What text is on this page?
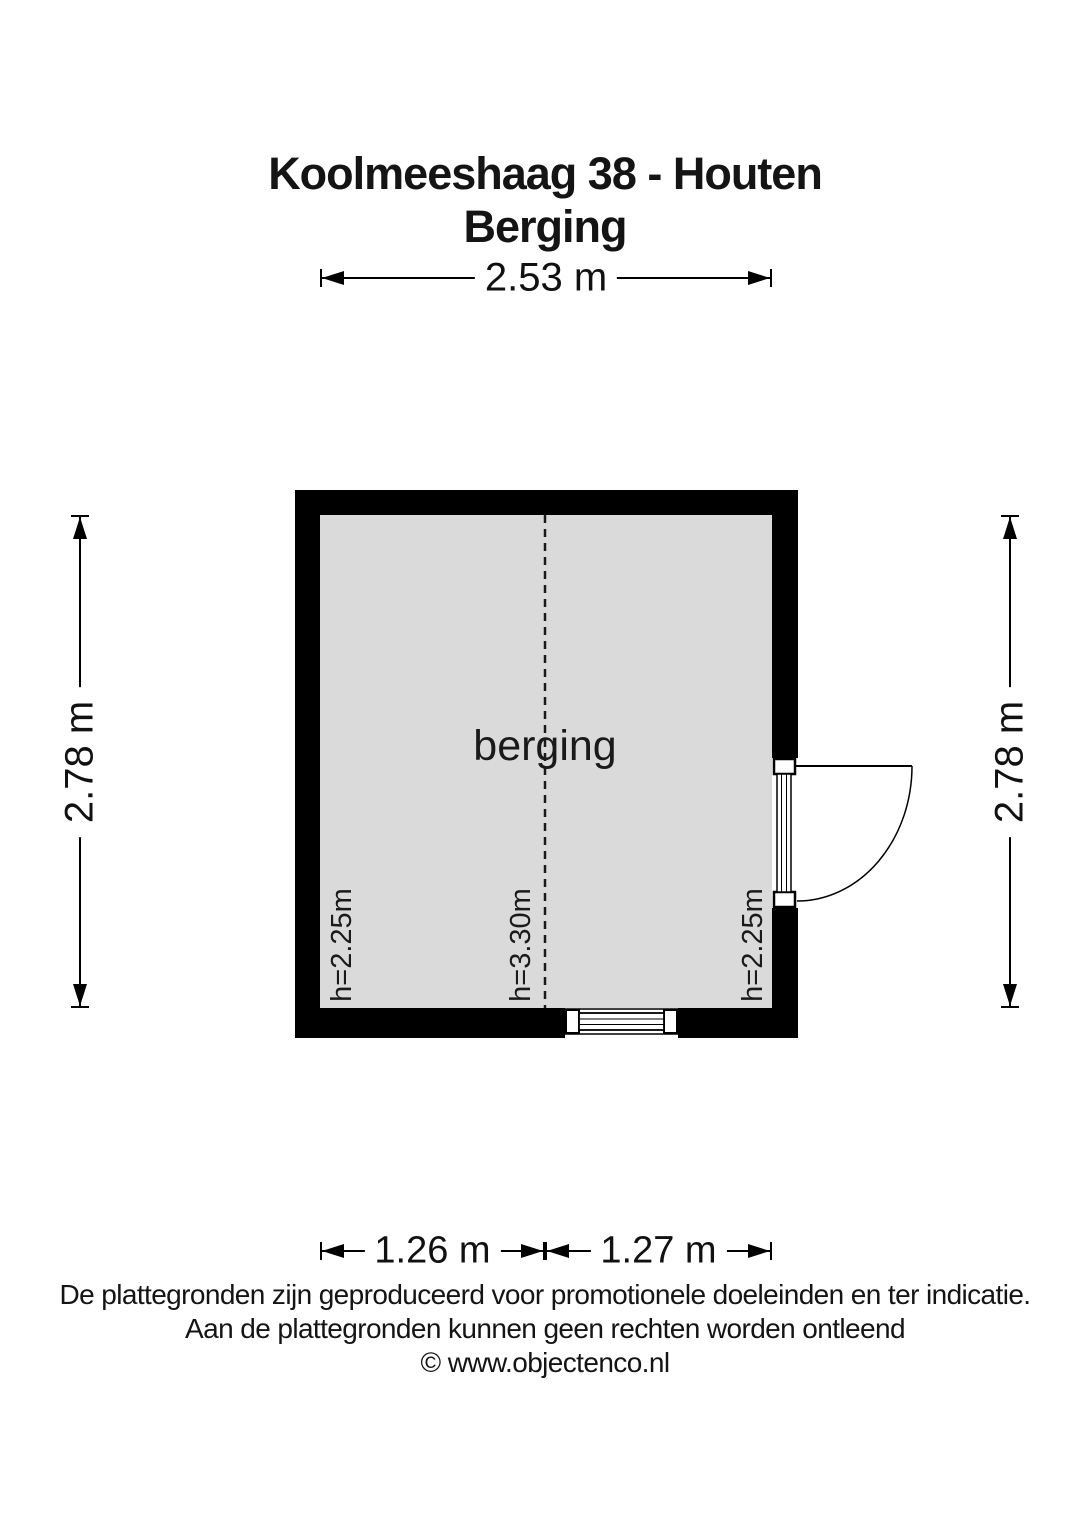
Koolmeeshaag 38 - Houten
Berging
2.53 m
2.78 m	2.78 m
berging
h=2.25m	h=3.30m	h=2.25m
1.26 m	1.27 m
De plattegronden zijn geproduceerd voor promotionele doeleinden en ter indicatie.
Aan de plattegronden kunnen geen rechten worden ontleend
© www.objectenco.nl
